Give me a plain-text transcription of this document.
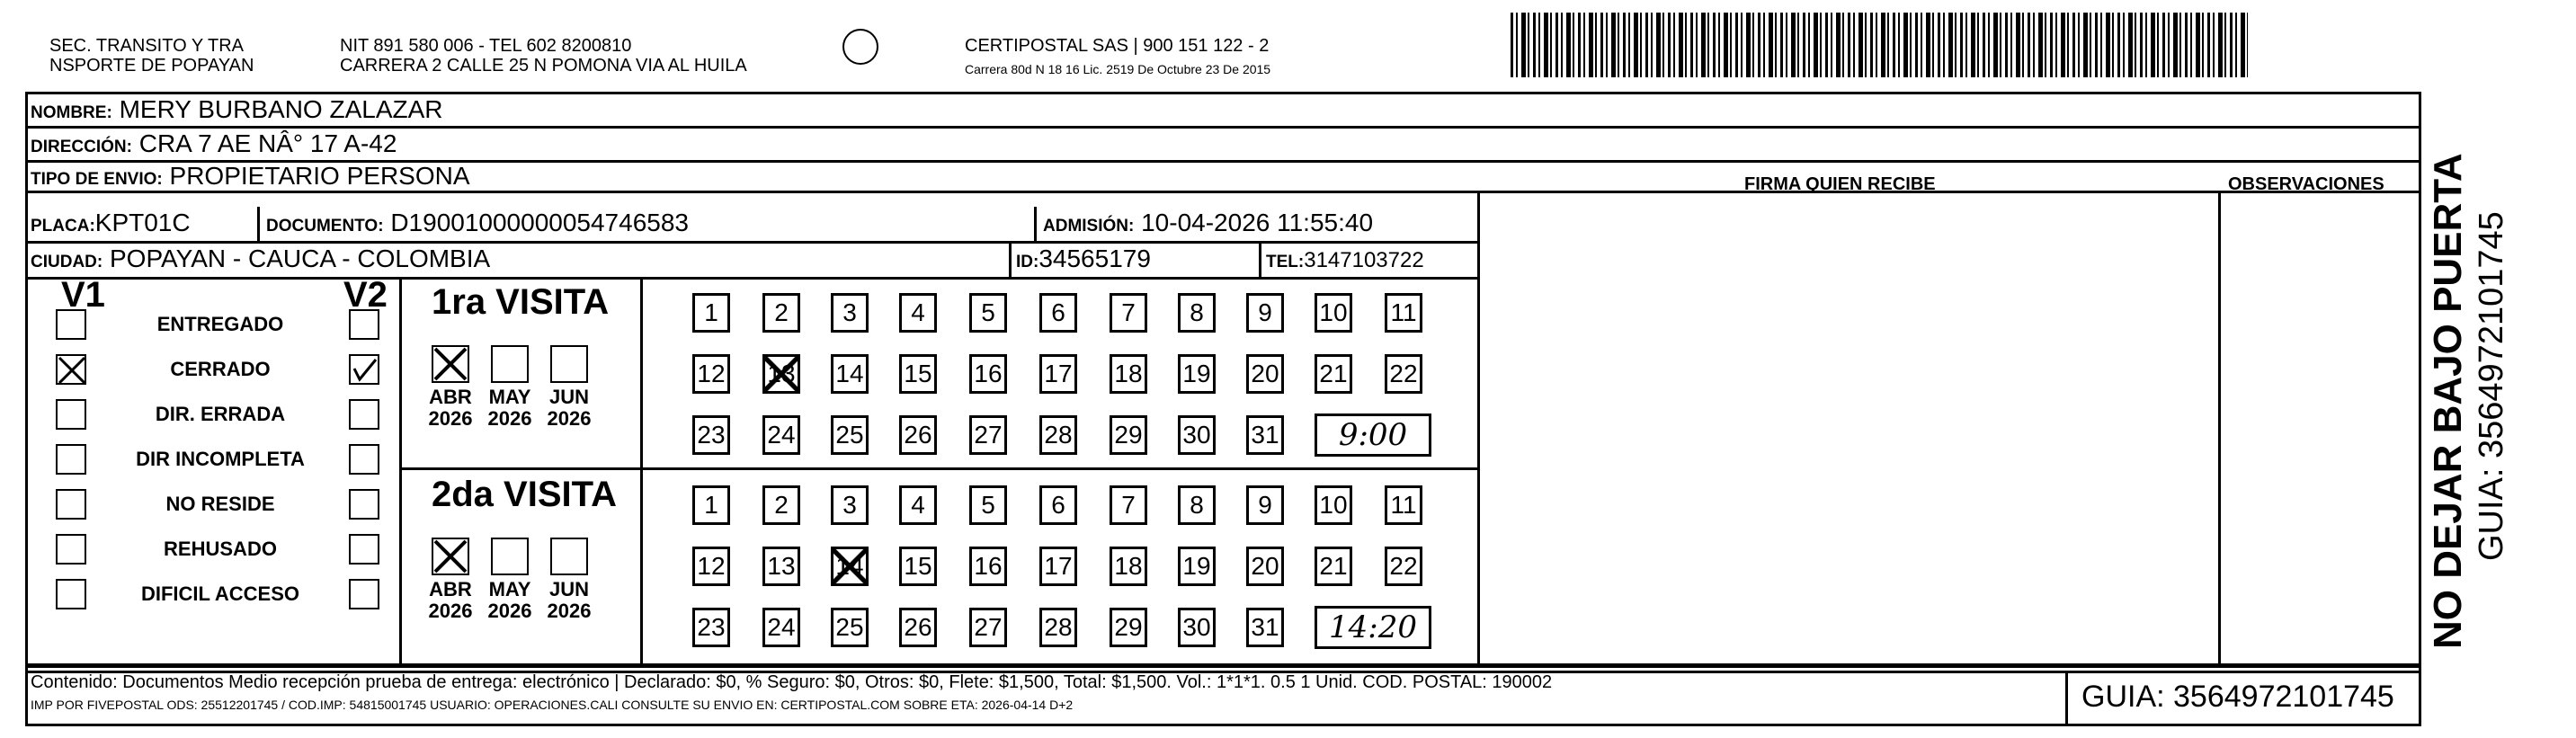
SEC. TRANSITO Y TRA
NSPORTE DE POPAYAN
NIT 891 580 006 - TEL 602 8200810
CARRERA 2 CALLE 25 N POMONA VIA AL HUILA
CERTIPOSTAL SAS | 900 151 122 - 2
Carrera 80d N 18 16 Lic. 2519 De Octubre 23 De 2015
NOMBRE: MERY BURBANO ZALAZAR
DIRECCIÓN: CRA 7 AE NÂ° 17 A-42
TIPO DE ENVIO: PROPIETARIO PERSONA	FIRMA QUIEN RECIBE	OBSERVACIONES
PLACA:KPT01C	DOCUMENTO: D19001000000054746583	ADMISIÓN: 10-04-2026 11:55:40
CIUDAD: POPAYAN - CAUCA - COLOMBIA	ID:34565179	TEL:3147103722
V1	V2
ENTREGADO
CERRADO
DIR. ERRADA
DIR INCOMPLETA
NO RESIDE
REHUSADO
DIFICIL ACCESO
1ra VISITA
ABR
2026
MAY
2026
JUN
2026
1	2	3	4	5	6	7	8	9	10 11
12 13 14 15 16 17 18 19 20 21 22
23 24 25 26 27 28 29 30 31	9:00
2da VISITA
ABR
2026
MAY
2026
JUN
2026
1	2	3	4	5	6	7	8	9	10 11
12 13 14 15 16 17 18 19 20 21 22
23 24 25 26 27 28 29 30 31	14:20
Contenido: Documentos Medio recepción prueba de entrega: electrónico | Declarado: $0, % Seguro: $0, Otros: $0, Flete: $1,500, Total: $1,500. Vol.: 1*1*1. 0.5 1 Unid. COD. POSTAL: 190002
IMP POR FIVEPOSTAL ODS: 25512201745 / COD.IMP: 54815001745 USUARIO: OPERACIONES.CALI CONSULTE SU ENVIO EN: CERTIPOSTAL.COM SOBRE ETA: 2026-04-14 D+2	GUIA: 3564972101745
NO DEJAR BAJO PUERTA GUIA: 3564972101745
